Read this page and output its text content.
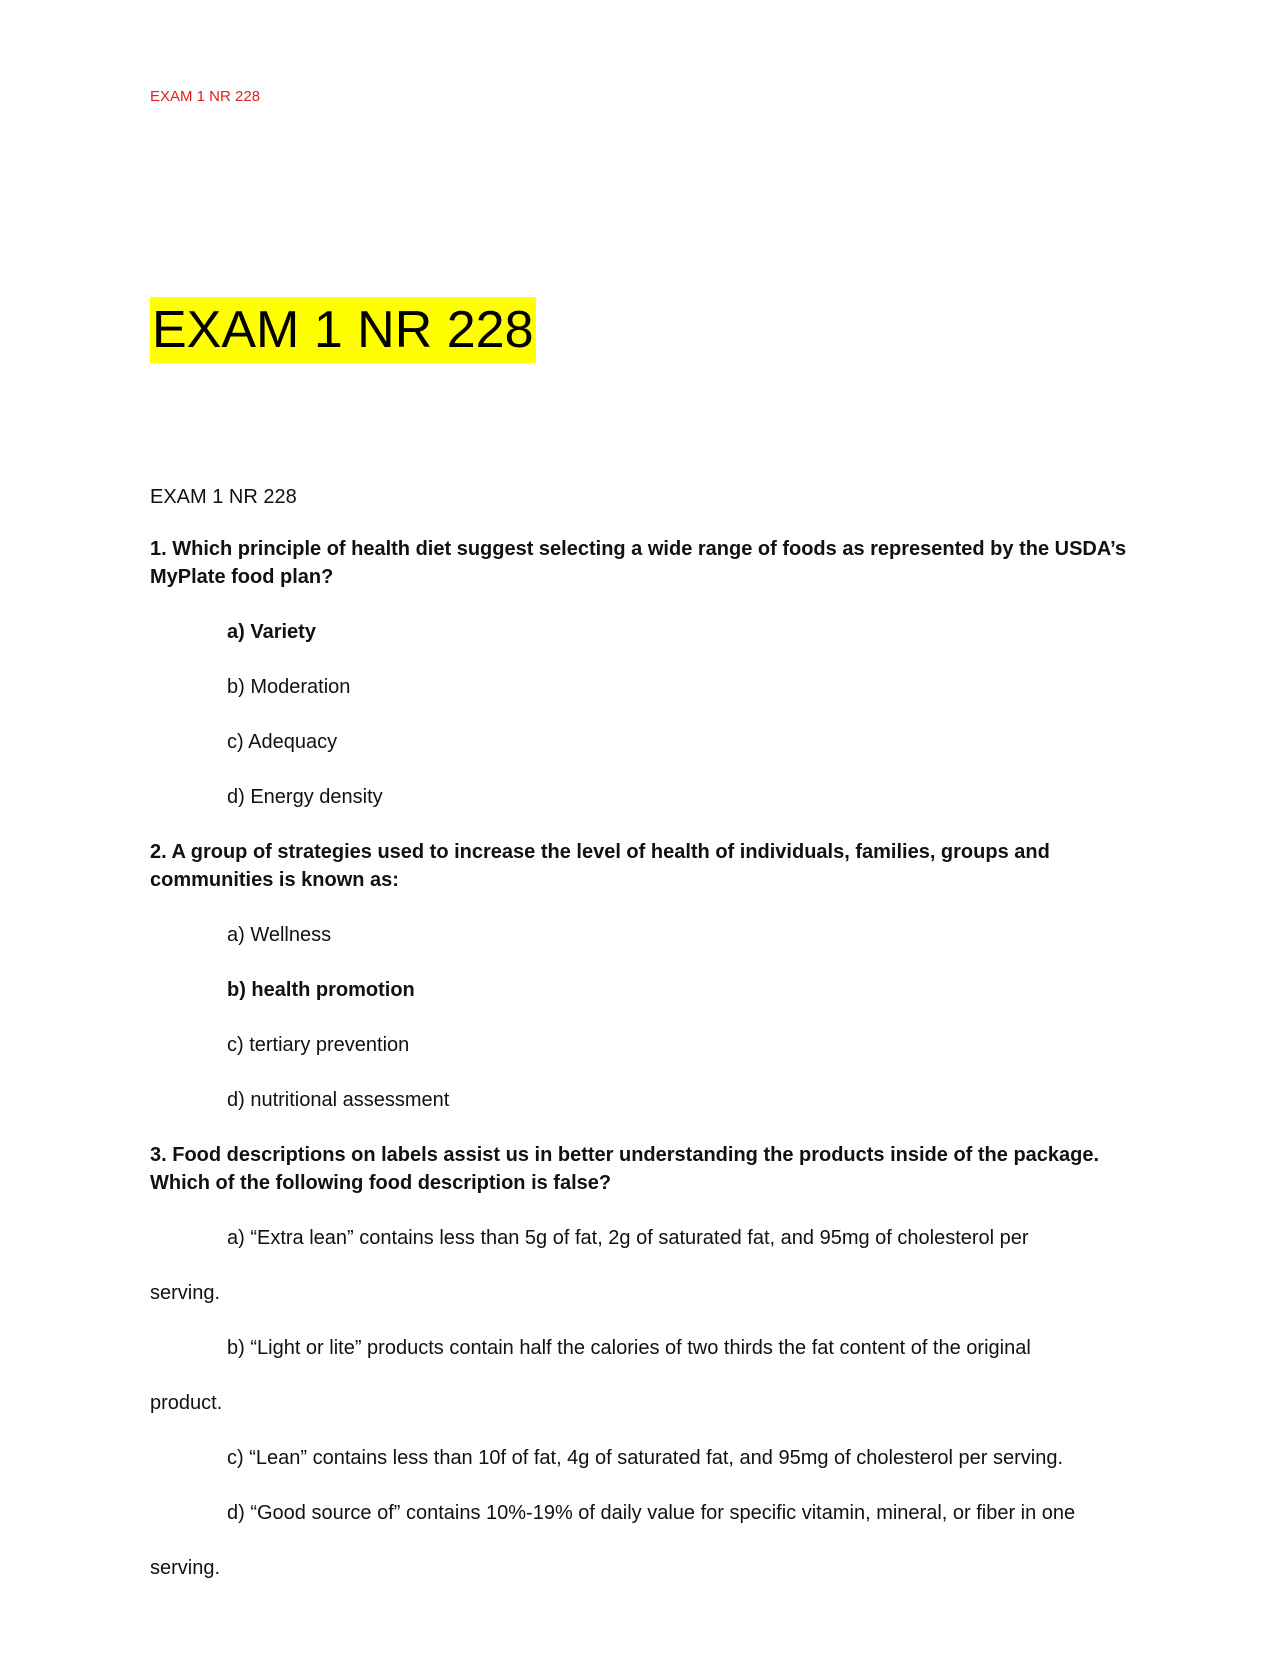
EXAM 1 NR 228
EXAM 1 NR 228
EXAM 1 NR 228
1. Which principle of health diet suggest selecting a wide range of foods as represented by the USDA’s
MyPlate food plan?
a) Variety
b) Moderation
c) Adequacy
d) Energy density
2. A group of strategies used to increase the level of health of individuals, families, groups and
communities is known as:
a) Wellness
b) health promotion
c) tertiary prevention
d) nutritional assessment
3. Food descriptions on labels assist us in better understanding the products inside of the package.
Which of the following food description is false?
a) “Extra lean” contains less than 5g of fat, 2g of saturated fat, and 95mg of cholesterol per
serving.
b) “Light or lite” products contain half the calories of two thirds the fat content of the original
product.
c) “Lean” contains less than 10f of fat, 4g of saturated fat, and 95mg of cholesterol per serving.
d) “Good source of” contains 10%-19% of daily value for specific vitamin, mineral, or fiber in one
serving.
